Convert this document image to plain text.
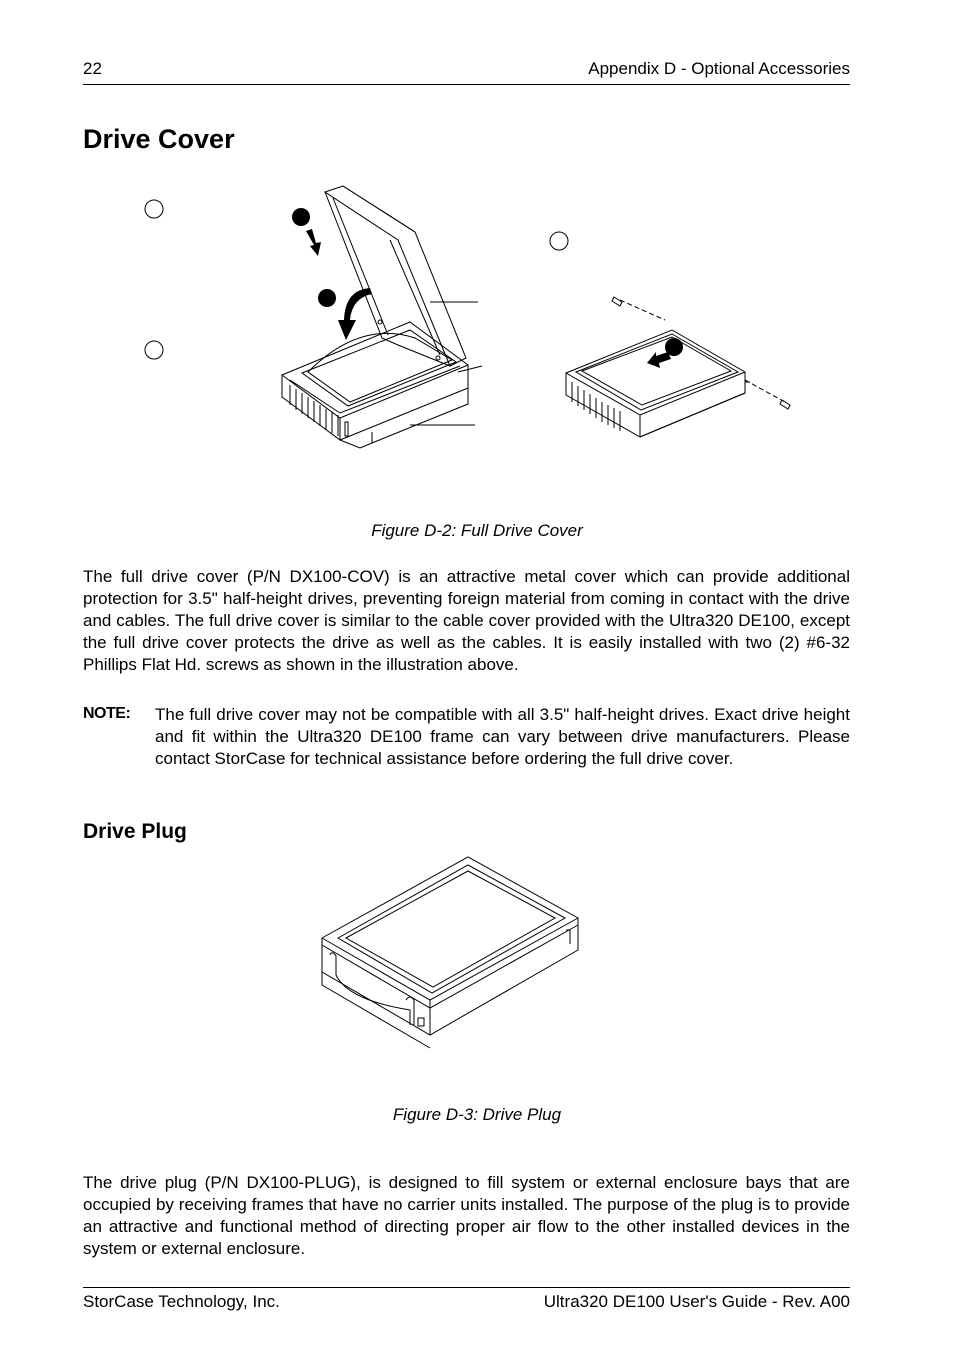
22	Appendix D - Optional Accessories
Drive Cover
Figure D-2: Full Drive Cover
The full drive cover (P/N DX100-COV) is an attractive metal cover which can provide additional protection for 3.5" half-height drives, preventing foreign material from coming in contact with the drive and cables. The full drive cover is similar to the cable cover provided with the Ultra320 DE100, except the full drive cover protects the drive as well as the cables. It is easily installed with two (2) #6-32 Phillips Flat Hd. screws as shown in the illustration above.
NOTE: The full drive cover may not be compatible with all 3.5" half-height drives. Exact drive height and fit within the Ultra320 DE100 frame can vary between drive manufacturers. Please contact StorCase for technical assistance before ordering the full drive cover.
Drive Plug
Figure D-3: Drive Plug
The drive plug (P/N DX100-PLUG), is designed to fill system or external enclosure bays that are occupied by receiving frames that have no carrier units installed. The purpose of the plug is to provide an attractive and functional method of directing proper air flow to the other installed devices in the system or external enclosure.
StorCase Technology, Inc.	Ultra320 DE100 User's Guide - Rev. A00
